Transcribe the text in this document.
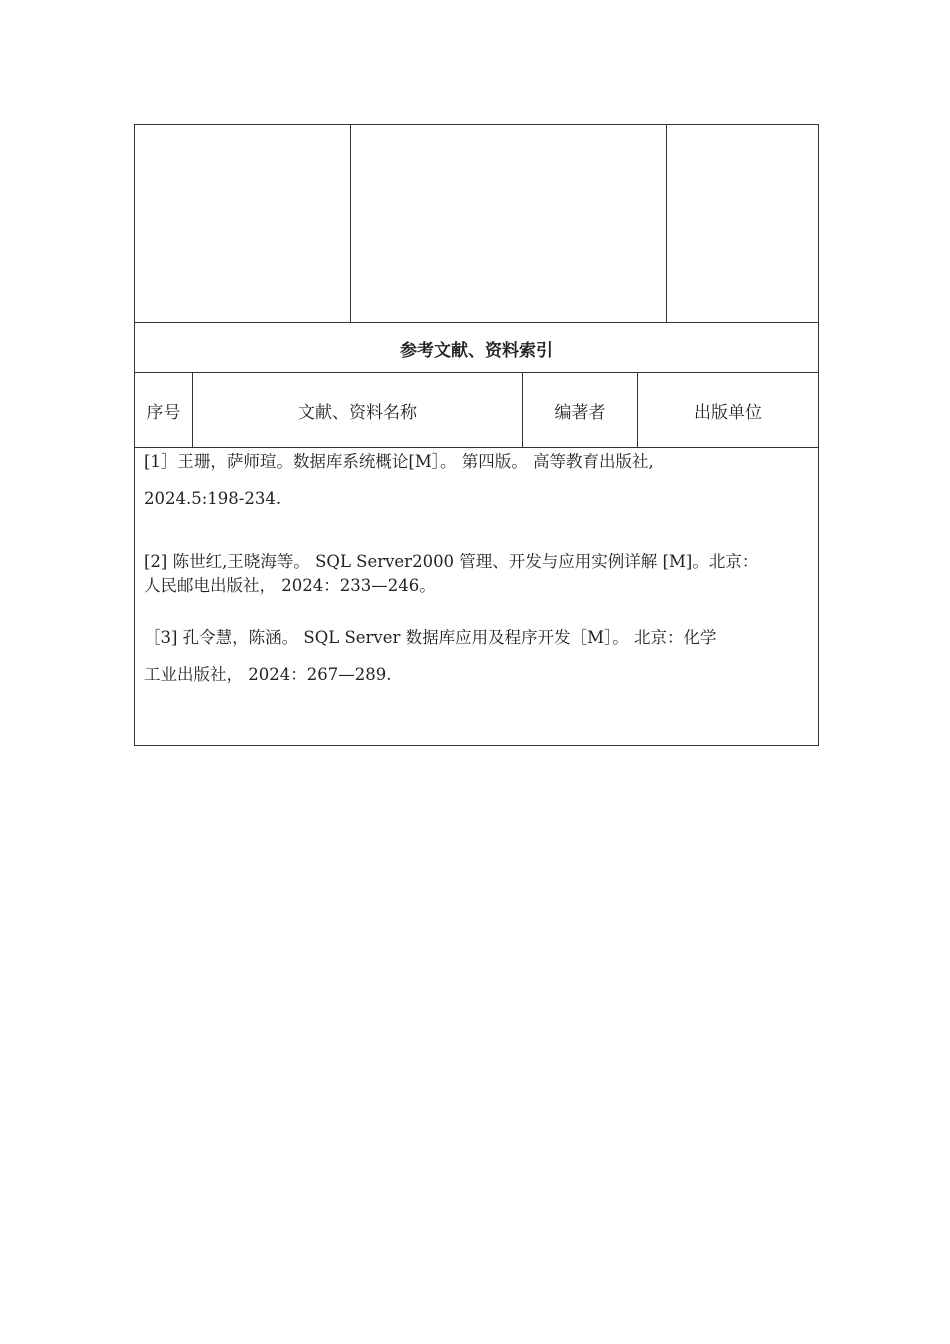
参考文献、资料索引
序号	文献、资料名称	编著者	出版单位

[1］王珊，萨师瑄。数据库系统概论[M］。 第四版。 高等教育出版社,
2024.5:198-234.

[2] 陈世红,王晓海等。 SQL Server2000 管理、开发与应用实例详解 [M]。北京：
人民邮电出版社， 2024：233—246。

［3] 孔令慧，陈涵。 SQL Server 数据库应用及程序开发［M］。 北京：化学
工业出版社， 2024：267—289.
